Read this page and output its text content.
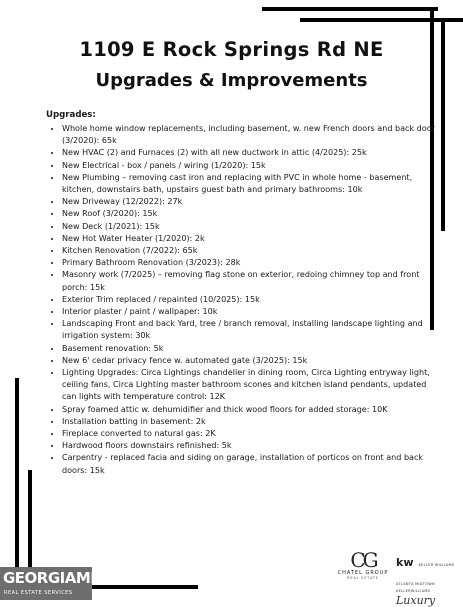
1109 E Rock Springs Rd NE
Upgrades & Improvements
Upgrades:
• Whole home window replacements, including basement, w. new French doors and back door (3/2020): 65k
• New HVAC (2) and Furnaces (2) with all new ductwork in attic (4/2025): 25k
• New Electrical - box / panels / wiring (1/2020): 15k
• New Plumbing – removing cast iron and replacing with PVC in whole home - basement, kitchen, downstairs bath, upstairs guest bath and primary bathrooms: 10k
• New Driveway (12/2022): 27k
• New Roof (3/2020): 15k
• New Deck (1/2021): 15k
• New Hot Water Heater (1/2020): 2k
• Kitchen Renovation (7/2022): 65k
• Primary Bathroom Renovation (3/2023): 28k
• Masonry work (7/2025) – removing flag stone on exterior, redoing chimney top and front porch: 15k
• Exterior Trim replaced / repainted (10/2025): 15k
• Interior plaster / paint / wallpaper: 10k
• Landscaping Front and back Yard, tree / branch removal, installing landscape lighting and irrigation system: 30k
• Basement renovation: 5k
• New 6' cedar privacy fence w. automated gate (3/2025): 15k
• Lighting Upgrades: Circa Lightings chandelier in dining room, Circa Lighting entryway light, ceiling fans, Circa Lighting master bathroom scones and kitchen island pendants, updated can lights with temperature control: 12K
• Spray foamed attic w. dehumidifier and thick wood floors for added storage: 10K
• Installation batting in basement: 2k
• Fireplace converted to natural gas: 2K
• Hardwood floors downstairs refinished: 5k
• Carpentry - replaced facia and siding on garage, installation of porticos on front and back doors: 15k
GEORGIAMLS
REAL ESTATE SERVICES
CG
CHATEL GROUP
REAL ESTATE
kw KELLER WILLIAMS ATLANTA MIDTOWN
KELLERWILLIAMS
Luxury
